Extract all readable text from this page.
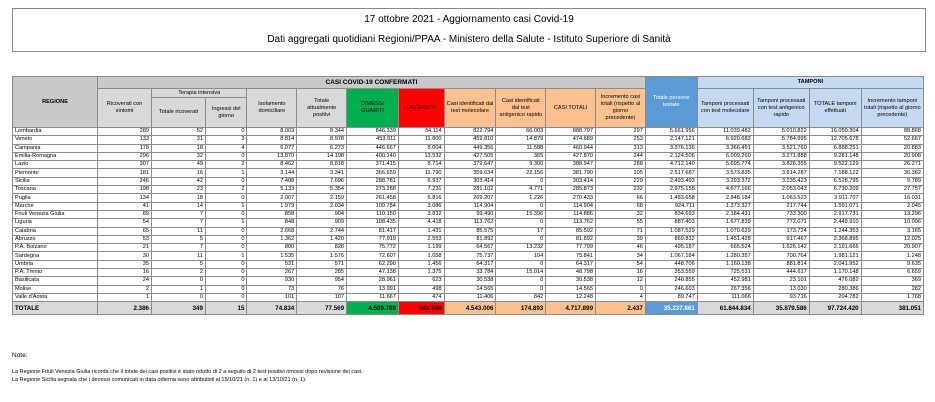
17 ottobre 2021 - Aggiornamento casi Covid-19
Dati aggregati quotidiani Regioni/PPAA - Ministero della Salute - Istituto Superiore di Sanità
REGIONE	CASI COVID-19 CONFERMATI											Totale persone testate	TAMPONI			
	Ricoverati con sintomi	Terapia intensiva		Isolamento domiciliare	Totale attualmente positivi	DIMESSI GUARITI	DECEDUTI	Casi identificati dal test molecolare	Casi identificati dal test antigenico rapido	CASI TOTALI	Incremento casi totali (rispetto al giorno precedente)		Tamponi processati con test molecolare	Tamponi processati con test antigenico rapido	TOTALE tamponi effettuati	Incremento tamponi totali (rispetto al giorno precedente)
		Totale ricoverati	Ingressi del giorno													
Lombardia	289	52	0	8.003	8.344	846.339	34.114	822.794	66.003	888.797	297	5.661.956	11.039.482	5.010.822	16.050.304	88.868
Veneto	133	31	3	8.814	8.978	453.911	11.800	459.810	14.879	474.689	253	2.147.121	6.920.683	5.784.995	12.705.678	52.667
Campania	178	18	4	6.077	6.273	446.667	8.004	449.356	11.588	460.944	313	3.376.136	3.366.491	3.521.760	6.888.251	20.883
Emilia-Romagna	296	32	0	13.870	14.198	400.140	13.532	427.505	365	427.870	244	2.124.506	6.009.260	3.271.888	9.281.148	20.908
Lazio	307	49	2	8.462	8.818	371.415	8.714	379.647	9.300	388.947	288	4.712.140	5.695.774	3.826.355	9.522.129	26.271
Piemonte	181	16	1	3.144	3.341	366.659	11.790	359.634	22.156	381.790	105	2.517.687	3.573.835	3.614.287	7.188.122	36.382
Sicilia	246	42	0	7.408	7.696	288.781	6.937	303.414	0	303.414	229	2.493.493	3.293.372	3.235.423	6.528.795	9.789
Toscana	198	23	2	5.133	5.354	273.288	7.231	281.102	4.771	285.873	232	2.975.158	4.677.166	2.053.043	6.730.209	27.757
Puglia	134	18	0	2.007	2.159	261.458	6.816	269.207	1.226	270.433	66	1.483.658	2.848.184	1.063.523	3.911.707	16.031
Marche	41	14	1	1.979	2.034	109.784	3.086	114.904	0	114.904	68	924.711	1.373.327	217.744	1.591.071	2.045
Friuli Venezia Giulia	89	7	0	858	904	110.150	3.832	99.490	15.396	114.886	32	834.693	2.184.431	733.300	2.917.731	13.296
Liguria	54	7	1	848	909	108.435	4.418	113.762	0	113.762	55	887.403	1.677.839	772.071	2.449.910	10.096
Calabria	65	11	0	2.668	2.744	81.417	1.431	85.575	17	85.592	71	1.087.529	1.070.629	173.724	1.244.353	3.165
Abruzzo	53	5	0	1.362	1.420	77.919	2.553	81.892	0	81.892	39	869.832	1.451.428	917.467	2.368.895	12.025
P.A. Bolzano	21	7	0	800	828	75.772	1.199	64.567	13.232	77.799	46	495.187	665.524	1.526.142	2.191.666	20.907
Sardegna	30	11	1	1.535	1.576	72.607	1.658	75.737	104	75.841	34	1.067.184	1.280.357	700.764	1.981.121	1.248
Umbria	35	5	0	531	571	62.290	1.456	64.317	0	64.317	54	448.706	1.160.138	881.814	2.041.952	9.635
P.A. Trento	16	2	0	267	285	47.138	1.375	33.784	15.014	48.798	16	353.559	725.531	444.617	1.170.148	6.659
Basilicata	24	0	0	930	954	28.961	623	30.538	0	30.538	12	240.855	452.981	23.101	476.082	369
Molise	2	1	0	73	76	13.991	498	14.565	0	14.565	0	246.603	267.356	13.030	280.386	282
Valle d'Aosta	1	0	0	101	107	11.667	474	11.406	842	12.248	4	89.747	111.066	93.716	204.782	1.768
TOTALE	2.386	349	15	74.834	77.569	4.500.789	141.548	4.543.006	174.893	4.717.899	2.437	35.237.861	61.844.834	35.879.586	97.724.420	381.051
Note:
La Regione Friuli Venezia Giulia ricorda che il totale dei casi positivi è stato ridotto di 2 a seguito di 2 test positivi rimossi dopo revisione dei casi.
La Regione Sicilia segnala che i decessi comunicati in data odierna sono attribuibili al 15/10/21 (n. 1) e al 13/10/21 (n. 1).
